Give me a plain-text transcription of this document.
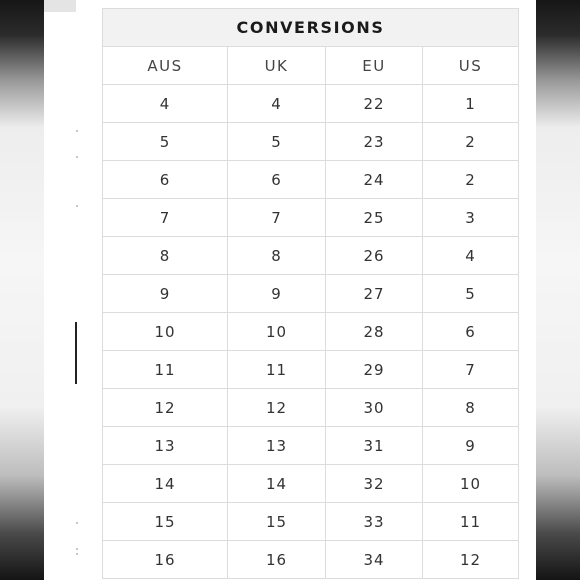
CONVERSIONS			
AUS	UK	EU	US
4	4	22	1
5	5	23	2
6	6	24	2
7	7	25	3
8	8	26	4
9	9	27	5
10	10	28	6
11	11	29	7
12	12	30	8
13	13	31	9
14	14	32	10
15	15	33	11
16	16	34	12
